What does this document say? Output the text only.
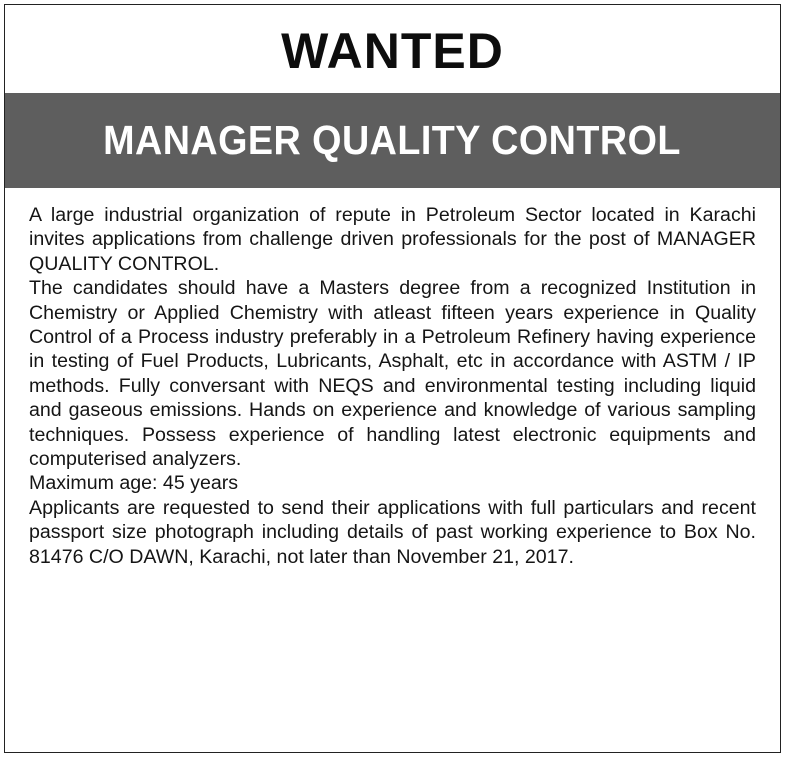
WANTED
MANAGER QUALITY CONTROL

A large industrial organization of repute in Petroleum Sector located in Karachi invites applications from challenge driven professionals for the post of MANAGER QUALITY CONTROL.

The candidates should have a Masters degree from a recognized Institution in Chemistry or Applied Chemistry with atleast fifteen years experience in Quality Control of a Process industry preferably in a Petroleum Refinery having experience in testing of Fuel Products, Lubricants, Asphalt, etc in accordance with ASTM / IP methods. Fully conversant with NEQS and environmental testing including liquid and gaseous emissions. Hands on experience and knowledge of various sampling techniques. Possess experience of handling latest electronic equipments and computerised analyzers.

Maximum age: 45 years

Applicants are requested to send their applications with full particulars and recent passport size photograph including details of past working experience to Box No. 81476 C/O DAWN, Karachi, not later than November 21, 2017.
